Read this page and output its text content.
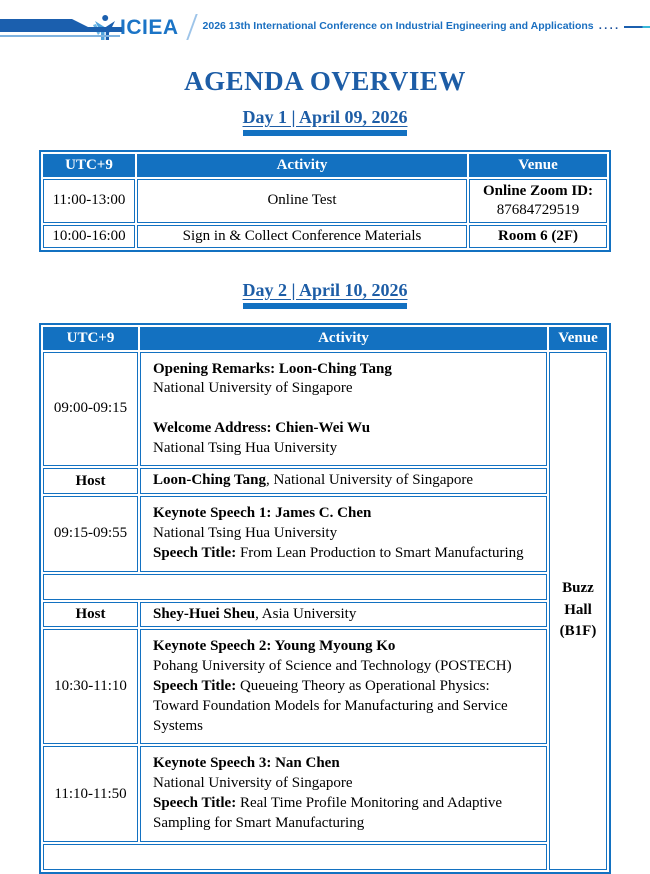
ICIEA 2026 13th International Conference on Industrial Engineering and Applications ....
AGENDA OVERVIEW
Day 1 | April 09, 2026
UTC+9	Activity	Venue
11:00-13:00	Online Test	Online Zoom ID:
87684729519

10:00-16:00	Sign in & Collect Conference Materials	Room 6 (2F)
Day 2 | April 10, 2026
UTC+9	Activity	Venue
09:00-09:15	Opening Remarks: Loon-Ching Tang
National University of Singapore

Welcome Address: Chien-Wei Wu
National Tsing Hua University	Buzz Hall (B1F)
Host	Loon-Ching Tang, National University of Singapore	

09:15-09:55	Keynote Speech 1: James C. Chen
National Tsing Hua University
Speech Title: From Lean Production to Smart Manufacturing	

09:55-10:30 Group Photo & Morning Coffee Break		

Host	Shey-Huei Sheu, Asia University	

10:30-11:10	Keynote Speech 2: Young Myoung Ko
Pohang University of Science and Technology (POSTECH)
Speech Title: Queueing Theory as Operational Physics: Toward Foundation Models for Manufacturing and Service Systems	

11:10-11:50	Keynote Speech 3: Nan Chen
National University of Singapore
Speech Title: Real Time Profile Monitoring and Adaptive Sampling for Smart Manufacturing	

11:50-13:15 Lunch		
